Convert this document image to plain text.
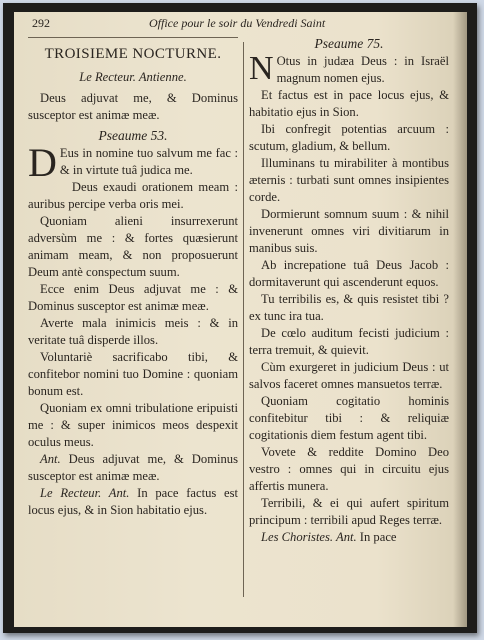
292	Office pour le soir du Vendredi Saint
TROISIEME NOCTURNE.
Le Recteur. Antienne.

Deus adjuvat me, & Dominus susceptor est animæ meæ.

Pseaume 53.

D Eus in nomine tuo salvum me fac : & in virtute tuâ judica me.

Deus exaudi orationem meam : auribus percipe verba oris mei.

Quoniam alieni insurrexerunt adversùm me : & fortes quæsierunt animam meam, & non proposuerunt Deum antè conspectum suum.

Ecce enim Deus adjuvat me : & Dominus susceptor est animæ meæ.

Averte mala inimicis meis : & in veritate tuâ disperde illos.

Voluntariè sacrificabo tibi, & confitebor nomini tuo Domine : quoniam bonum est.

Quoniam ex omni tribulatione eripuisti me : & super inimicos meos despexit oculus meus.

Ant. Deus adjuvat me, & Dominus susceptor est animæ meæ.

Le Recteur. Ant. In pace factus est locus ejus, & in Sion habitatio ejus.

Pseaume 75.

N Otus in judæa Deus : in Israël magnum nomen ejus.

Et factus est in pace locus ejus, & habitatio ejus in Sion.

Ibi confregit potentias arcuum : scutum, gladium, & bellum.

Illuminans tu mirabiliter à montibus æternis : turbati sunt omnes insipientes corde.

Dormierunt somnum suum : & nihil invenerunt omnes viri divitiarum in manibus suis.

Ab increpatione tuâ Deus Jacob : dormitaverunt qui ascenderunt equos.

Tu terribilis es, & quis resistet tibi ? ex tunc ira tua.

De cœlo auditum fecisti judicium : terra tremuit, & quievit.

Cùm exurgeret in judicium Deus : ut salvos faceret omnes mansuetos terræ.

Quoniam cogitatio hominis confitebitur tibi : & reliquiæ cogitationis diem festum agent tibi.

Vovete & reddite Domino Deo vestro : omnes qui in circuitu ejus affertis munera.

Terribili, & ei qui aufert spiritum principum : terribili apud Reges terræ.

Les Choristes. Ant. In pace
